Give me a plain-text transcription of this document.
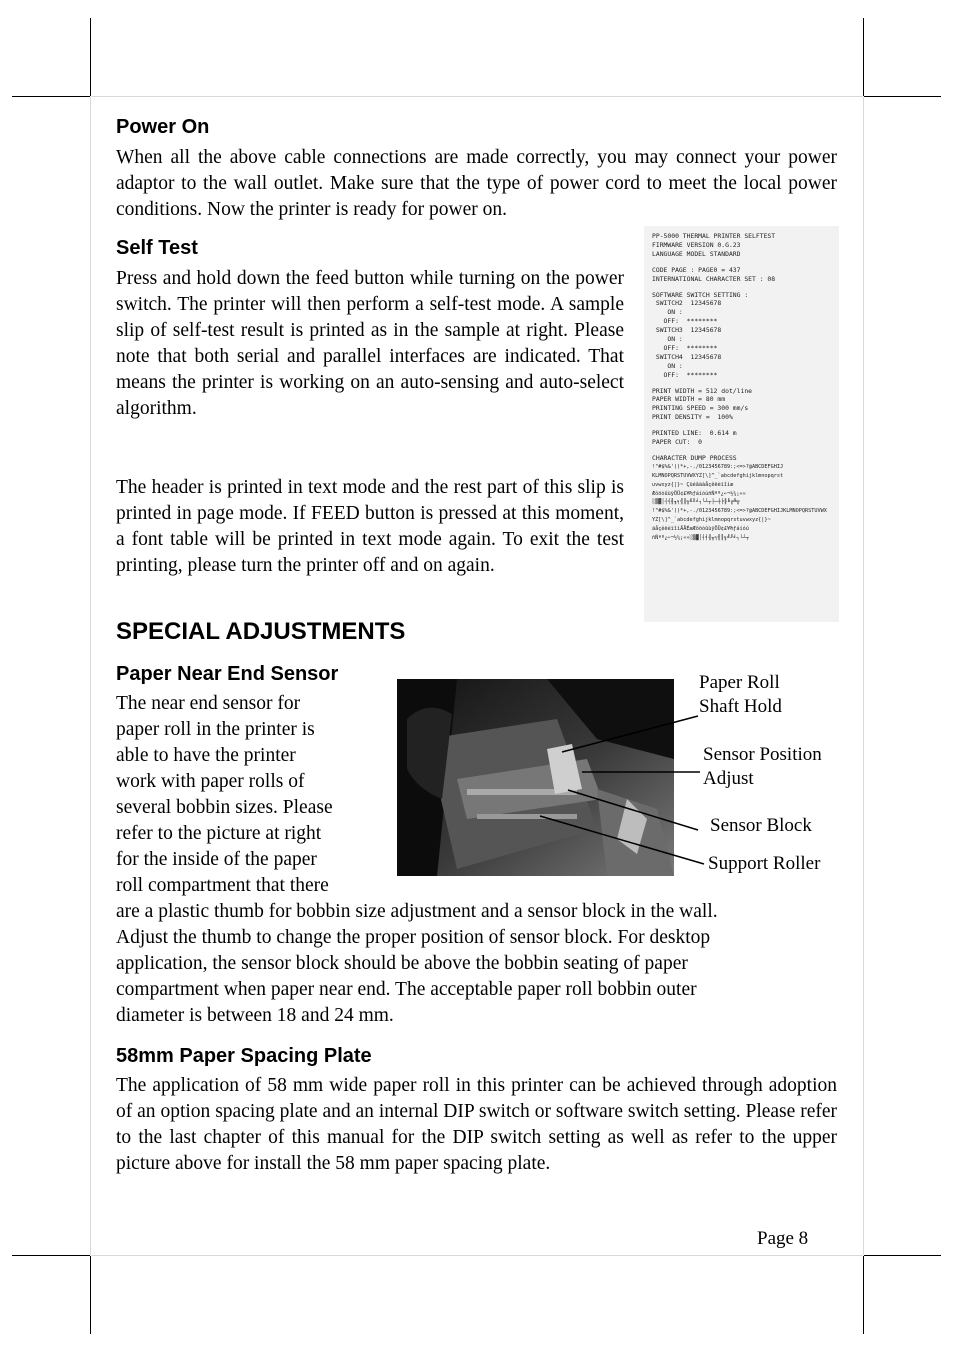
Power On

When all the above cable connections are made correctly, you may connect your power adaptor to the wall outlet. Make sure that the type of power cord to meet the local power conditions. Now the printer is ready for power on.

Self Test

Press and hold down the feed button while turning on the power switch. The printer will then perform a self-test mode. A sample slip of self-test result is printed as in the sample at right. Please note that both serial and parallel interfaces are indicated. That means the printer is working on an auto-sensing and auto-select algorithm.

The header is printed in text mode and the rest part of this slip is printed in page mode. If FEED button is pressed at this moment, a font table will be printed in text mode again. To exit the test printing, please turn the printer off and on again.

PP-5000 THERMAL PRINTER SELFTEST
FIRMWARE VERSION 0.G.23
LANGUAGE MODEL STANDARD
CODE PAGE : PAGE0 = 437
INTERNATIONAL CHARACTER SET : 08
SOFTWARE SWITCH SETTING :
SWITCH2  12345678
ON :
OFF:  ********
SWITCH3  12345678
ON :
OFF:  ********
SWITCH4  12345678
ON :
OFF:  ********
PRINT WIDTH = 512 dot/line
PAPER WIDTH = 80 mm
PRINTING SPEED = 300 mm/s
PRINT DENSITY =  100%
PRINTED LINE:  0.614 m
PAPER CUT:  0
CHARACTER DUMP PROCESS
!"#$%&'()*+,-./0123456789:;<=>?@ABCDEFGHIJ
KLMNOPQRSTUVWXYZ[\]^_`abcdefghijklmnopqrst
uvwxyz{|}~ Çüéâäàåçêëèïîìæ
ÆôöòûùÿÖÜ¢£¥₧ƒáíóúñÑªº¿⌐¬½¼¡«»
░▒▓│┤╡╢╖╕╣║╗╝╜╛┐└┴┬├─┼╞╟╚╔╩╦
!"#$%&'()*+,-./0123456789:;<=>?@ABCDEFGHIJKLMNOPQRSTUVWX
YZ[\]^_`abcdefghijklmnopqrstuvwxyz{|}~
äåçêëèïîìÄÅÉæÆôöòûùÿÖÜ¢£¥₧ƒáíóú
ñÑªº¿⌐¬½¼¡«»░▒▓│┤╡╢╖╕╣║╗╝╜╛┐└┴┬
SPECIAL ADJUSTMENTS
Paper Near End Sensor
The near end sensor for
paper roll in the printer is
able to have the printer
work with paper rolls of
several bobbin sizes. Please
refer to the picture at right
for the inside of the paper
roll compartment that there
are a plastic thumb for bobbin size adjustment and a sensor block in the wall.
Adjust the thumb to change the proper position of sensor block. For desktop
application, the sensor block should be above the bobbin seating of paper
compartment when paper near end. The acceptable paper roll bobbin outer
diameter is between 18 and 24 mm.
Paper Roll
Shaft Hold
Sensor Position
Adjust
Sensor Block
Support Roller
58mm Paper Spacing Plate

The application of 58 mm wide paper roll in this printer can be achieved through adoption of an option spacing plate and an internal DIP switch or software switch setting. Please refer to the last chapter of this manual for the DIP switch setting as well as refer to the upper picture above for install the 58 mm paper spacing plate.

Page 8
